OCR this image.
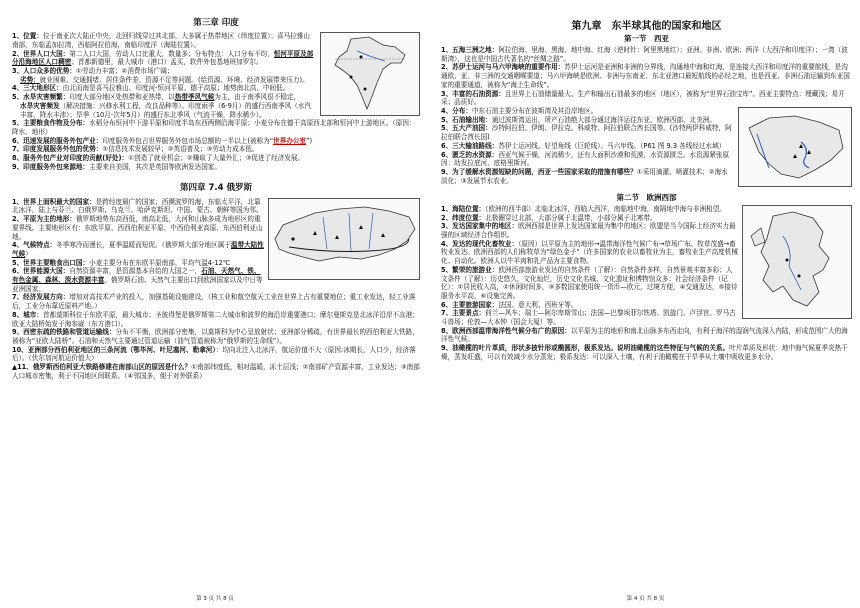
第三章 印度

1、位置：位于南亚次大陆正中央，北回归线穿过其北部，大多属于热带地区（纬度位置）；喜马拉雅山南部，东临孟加拉湾，西临阿拉伯海，南临印度洋（海陆位置）。

2、世界人口大国：第二人口大国，劳动人口比重大，数量多；分布特点：人口分布不均，恒河平原及部分沿海地区人口稠密；首都新德里，最大城市（港口）孟买，软件外包基地班加罗尔。

3、人口众多的优势：①劳动力丰富；②消费市场广阔；

劣势：就业困难、交通拥堵、居住条件差、资源不足等问题。(给资源、环境、经济发展带来压力)。

4、三大地形区：由北而南是喜马拉雅山、印度河-恒河平原、德干高原；地势南北高，中间低。

5、水旱灾害频繁：印度大部分地区处热带和亚热带，以热带季风气候为主，由于南季风很不稳定，

水旱灾害频发（解决措施：兴修水利工程，改良品种等）。印度雨季（6-9月）的盛行西南季风（水汽丰富，降水丰沛）；旱季（10月-次年5月）的盛行东北季风（气流干燥，降水稀少）。

5、主要粮食作物及分布：水稻分布恒河中下游平原和印度半岛东西两侧沿海平原；小麦分布在德干高原西北部和恒河中上游地区。（原因：降水、地形）

6、迅速发展的服务外包产业：印度服务外包占世界服务外包市场总额的一半以上(被称为“世界办公室”)

7、印度发展服务外包的优势：①信息技术发展较早；②英语普及；③劳动力成本低。

8、服务外包产业对印度的贡献(好处)：①创造了就业机会；②赚取了大量外汇；③促进了经济发展。

9、印度服务外包来源地：主要来自美国，其次是英国等欧洲发达国家。

第四章 7.4 俄罗斯

1、世界上面积最大的国家：是跨经度最广的国家；西濒波罗的海，东临太平洋，北靠北冰洋，陆上与芬兰、白俄罗斯、乌克兰、哈萨克斯坦、中国、蒙古、朝鲜等国为邻。

2、平原为主的地形：俄罗斯地势东高西低，南高北低，大河和山脉多成为地形区的重要界线。主要地形区有：东欧平原、西西伯利亚平原、中西伯利亚高原、东西伯利亚山地。

4、气候特点：冬季寒冷而漫长，夏季温暖而短促。（俄罗斯大部分地区属于温带大陆性气候）

5、世界主要粮食出口国：小麦主要分布在东欧平原南部，平均气温4-12℃

6、世界能源大国：自然资源丰富，是资源基本自给的大国之一，石油、天然气、铁、有色金属、森林、淡水资源丰富。俄罗斯石油、天然气主要出口到欧洲国家以及中日等亚洲国家。

7、经济发展方向：增加对高技术产业的投入，加强基础设施建设，（核工业和航空航天工业在世界上占有重要地位；重工业发达，轻工业落后，工业分布靠近原料产地。）

8、城市：首都莫斯科位于东欧平原，最大城市；圣彼得堡是俄罗斯第二大城市和波罗的海沿岸重要港口；摩尔曼斯克是北冰洋沿岸不冻港；欧亚大陆桥始发于海参崴（东方港口）。

9、西密东疏的铁路和管道运输线：分布不平衡，欧洲部分密集，以莫斯科为中心呈放射状；亚洲部分稀疏，有世界最长的西伯利亚大铁路，被称为“亚欧大陆桥”。石油和天然气主要通过管道运输（油气管道被称为“俄罗斯的生命线”）。

10、亚洲部分西伯利亚地区的三条河流（鄂毕河、叶尼塞河、勒拿河）：均向北注入北冰洋，航运价值不大（原因:冰期长，人口少，经济落后）。（伏尔加河航运价值大）

▲11、俄罗斯西伯利亚大铁路修建在南部山区的原因是什么？①南部纬度低，相对温暖，冻土层浅；②南部矿产资源丰富，工业发达；③南部人口城市密集，利于不同地区间联系。（④邻国多，便于对外联系）

第 3 页 共 8 页
第九章　东半球其他的国家和地区
第一节　西亚

1、五海三洲之地：阿拉伯海、里海、黑海、地中海、红海（逆时针：阿里黑地红）；亚洲、非洲、欧洲；两洋（大西洋和印度洋）；一湾（波斯湾），这也是中国古代著名的“丝绸之路”。

2、苏伊士运河与马六甲海峡的重要作用：苏伊士运河是亚洲和非洲的分界线，沟通地中海和红海，是连接大西洋和印度洋的重要航线，是沟通欧、亚、非三洲的交通咽喉要道；马六甲海峡是欧洲、非洲与东南亚、东北亚港口最短航线的必经之地，也是西亚、非洲石油运输到东亚国家的重要通道，被称为“海上生命线”。

3、丰富的石油资源：且世界上石油储量最大、生产和输出石油最多的地区（地区），被称为“世界石油宝库”。西亚主要特点：埋藏浅；易开采；品质好。

4、分布：中东石油主要分布在波斯湾及其沿岸地区。

5、石油输出地：通过波斯湾运出，所产石油绝大部分通过海洋运往东亚、欧洲西部、北美洲。

5、五大产油国：沙特阿拉伯、伊朗、伊拉克、科威特、阿拉伯联合酋长国等。(沙特两伊科威特，阿拉伯联合酋长国)

6、三大输油路线：苏伊士运河线、好望角线（巨轮线）、马六甲线。（P61 图 9.3 各线经过水域）

6、匮乏的水资源：西亚气候干燥，河流稀少，还有大面积沙漠和荒漠，水资源匮乏。水资源紧张原因：幼发拉底河、底格里斯河。

9、为了缓解水资源短缺的问题，西亚一些国家采取的措施有哪些？①采用滴灌、喷灌技术；②海水淡化；③发展节水农业。

第二节　欧洲西部

1、海陆位置：（欧洲的西半部）北临北冰洋，西临大西洋，南临地中海，南隔地中海与非洲相望。

2、纬度位置：北极圈穿过北部，大部分属于北温带，小部分属于北寒带。

3、发达国家集中的地区：欧洲西部是世界上发达国家最为集中的地区；欧盟是当今国际上经济实力最强的区域经济合作组织。

4、发达的现代化畜牧业：（原因）以平原为主的地形→温带海洋性气候广布→草场广布、牧草茂盛→畜牧业发达。欧洲西部的人们称牧草为“绿色金子”（许多国家的农业以畜牧业为主，畜牧业生产高度机械化、自动化。欧洲人以牛羊肉和乳产品为主要食物。

5、繁荣的旅游业：欧洲西部旅游业发达的自然条件（了解）：自然条件多样，自然景观丰富多彩；人文条件（了解）：历史悠久，文化灿烂，历史文化名城、文化遗址和博物馆众多；社会经济条件（记忆）：①居民收入高，②休闲时间多，③多数国家使用统一货币—欧元，过境方便，④交通发达，⑤接待服务水平高，⑥设施完善。

6、主要旅游国家：法国、意大利、西班牙等。

7、主要景点：荷兰—风车；瑞士—阿尔卑斯雪山；法国—巴黎埃菲尔铁塔、凯旋门、卢浮宫、罗马古斗兽场；伦敦—大本钟（国会大厦）等。

8、欧洲西部温带海洋性气候分布广的原因：以平原为主的地形和南北山脉多东西走向，有利于海洋的湿润气流深入内陆，形成范围广大的海洋性气候。

9、油橄榄的叶片革质，形状多披针形或椭圆形，极系发达。说明油橄榄的这些特征与气候的关系。叶片革质及形状：地中海气候夏季炎热干燥，蒸发旺盛，可以有效减少水分蒸发；极系发达：可以深入土壤，有利于油橄榄在干旱季从土壤中吸收更多水分。

第 4 页 共 8 页
